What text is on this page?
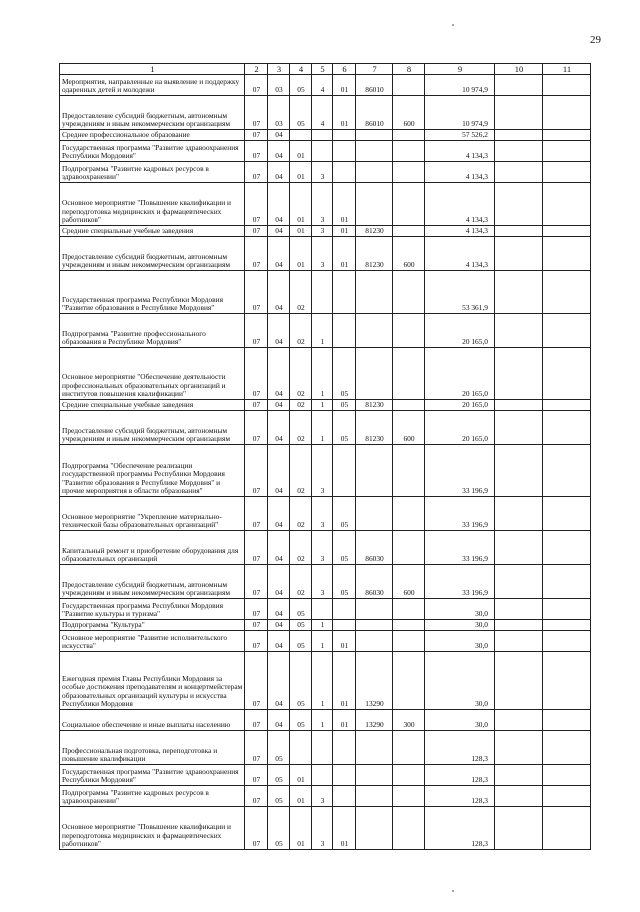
29
1	2	3	4	5	6	7	8	9	10	11
Мероприятия, направленные на выявление и поддержку одаренных детей и молодежи	07	03	05	4	01	86010		10 974,9		
Предоставление субсидий бюджетным, автономным учреждениям и иным некоммерческим организациям	07	03	05	4	01	86010	600	10 974,9		
Среднее профессиональное образование	07	04						57 526,2		
Государственная программа "Развитие здравоохранения Республики Мордовия"	07	04	01					4 134,3		
Подпрограмма "Развитие кадровых ресурсов в здравоохранении"	07	04	01	3				4 134,3		
Основное мероприятие "Повышение квалификации и переподготовка медицинских и фармацевтических работников"	07	04	01	3	01			4 134,3		
Средние специальные учебные заведения	07	04	01	3	01	81230		4 134,3		
Предоставление субсидий бюджетным, автономным учреждениям и иным некоммерческим организациям	07	04	01	3	01	81230	600	4 134,3		
Государственная программа Республики Мордовия "Развитие образования в Республике Мордовия"	07	04	02					53 361,9		
Подпрограмма "Развитие профессионального образования в Республике Мордовия"	07	04	02	1				20 165,0		
Основное мероприятие "Обеспечение деятельности профессиональных образовательных организаций и институтов повышения квалификации"	07	04	02	1	05			20 165,0		
Средние специальные учебные заведения	07	04	02	1	05	81230		20 165,0		
Предоставление субсидий бюджетным, автономным учреждениям и иным некоммерческим организациям	07	04	02	1	05	81230	600	20 165,0		
Подпрограмма "Обеспечение реализации государственной программы Республики Мордовия "Развитие образования в Республике Мордовия" и прочие мероприятия в области образования"	07	04	02	3				33 196,9		
Основное мероприятие "Укрепление материально-технической базы образовательных организаций"	07	04	02	3	05			33 196,9		
Капитальный ремонт и приобретение оборудования для образовательных организаций	07	04	02	3	05	86030		33 196,9		
Предоставление субсидий бюджетным, автономным учреждениям и иным некоммерческим организациям	07	04	02	3	05	86030	600	33 196,9		
Государственная программа Республики Мордовия "Развитие культуры и туризма"	07	04	05					30,0		
Подпрограмма "Культура"	07	04	05	1				30,0		
Основное мероприятие "Развитие исполнительского искусства"	07	04	05	1	01			30,0		
Ежегодная премия Главы Республики Мордовия за особые достижения преподавателям и концертмейстерам образовательных организаций культуры и искусства Республики Мордовия	07	04	05	1	01	13290		30,0		
Социальное обеспечение и иные выплаты населению	07	04	05	1	01	13290	300	30,0		
Профессиональная подготовка, переподготовка и повышение квалификации	07	05						128,3		
Государственная программа "Развитие здравоохранения Республики Мордовия"	07	05	01					128,3		
Подпрограмма "Развитие кадровых ресурсов в здравоохранении"	07	05	01	3				128,3		
Основное мероприятие "Повышение квалификации и переподготовка медицинских и фармацевтических работников"	07	05	01	3	01			128,3		
